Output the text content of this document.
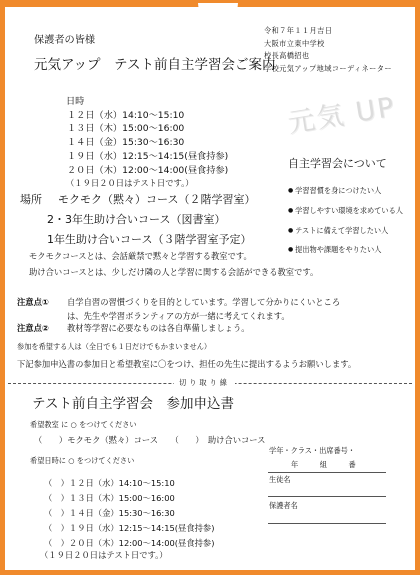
保護者の皆様
元気アップ　テスト前自主学習会ご案内
令和７年１１月吉日
大阪市立東中学校
校長高橋招也
学校元気アップ地域コーディネーター
元気 UP
日時
１２日（水）14:10～15:10
１３日（木）15:00～16:00
１４日（金）15:30～16:30
１９日（水）12:15～14:15(昼食持参)
２０日（木）12:00～14:00(昼食持参)
（１９日２０日はテスト日です。）
自主学習会について
● 学習習慣を身につけたい人
● 学習しやすい環境を求めている人
● テストに備えて学習したい人
● 提出物や課題をやりたい人
場所 モクモク（黙々）コース（２階学習室）
2・3年生助け合いコース（図書室）
1年生助け合いコース（３階学習室予定）
モクモクコースとは、会話厳禁で黙々と学習する教室です。
助け合いコースとは、少しだけ隣の人と学習に関する会話ができる教室です。
注意点① 自学自習の習慣づくりを目的としています。学習して分かりにくいところ
は、先生や学習ボランティアの方が一緒に考えてくれます。
注意点② 教材等学習に必要なものは各自準備しましょう。
参加を希望する人は（全日でも１日だけでもかまいません）
下記参加申込書の参加日と希望教室に〇をつけ、担任の先生に提出するようお願いします。
切り取り線
テスト前自主学習会　参加申込書
希望教室 に ○ をつけてください
（　　）モクモク（黙々）コース　　（　　）　助け合いコース
希望日時に ○ をつけてください
（　）１２日（水）14:10～15:10
（　）１３日（木）15:00～16:00
（　）１４日（金）15:30～16:30
（　）１９日（水）12:15～14:15(昼食持参)
（　）２０日（木）12:00～14:00(昼食持参)
（１９日２０日はテスト日です。）
学年・クラス・出席番号・
年　　　組　　　番
生徒名
保護者名
